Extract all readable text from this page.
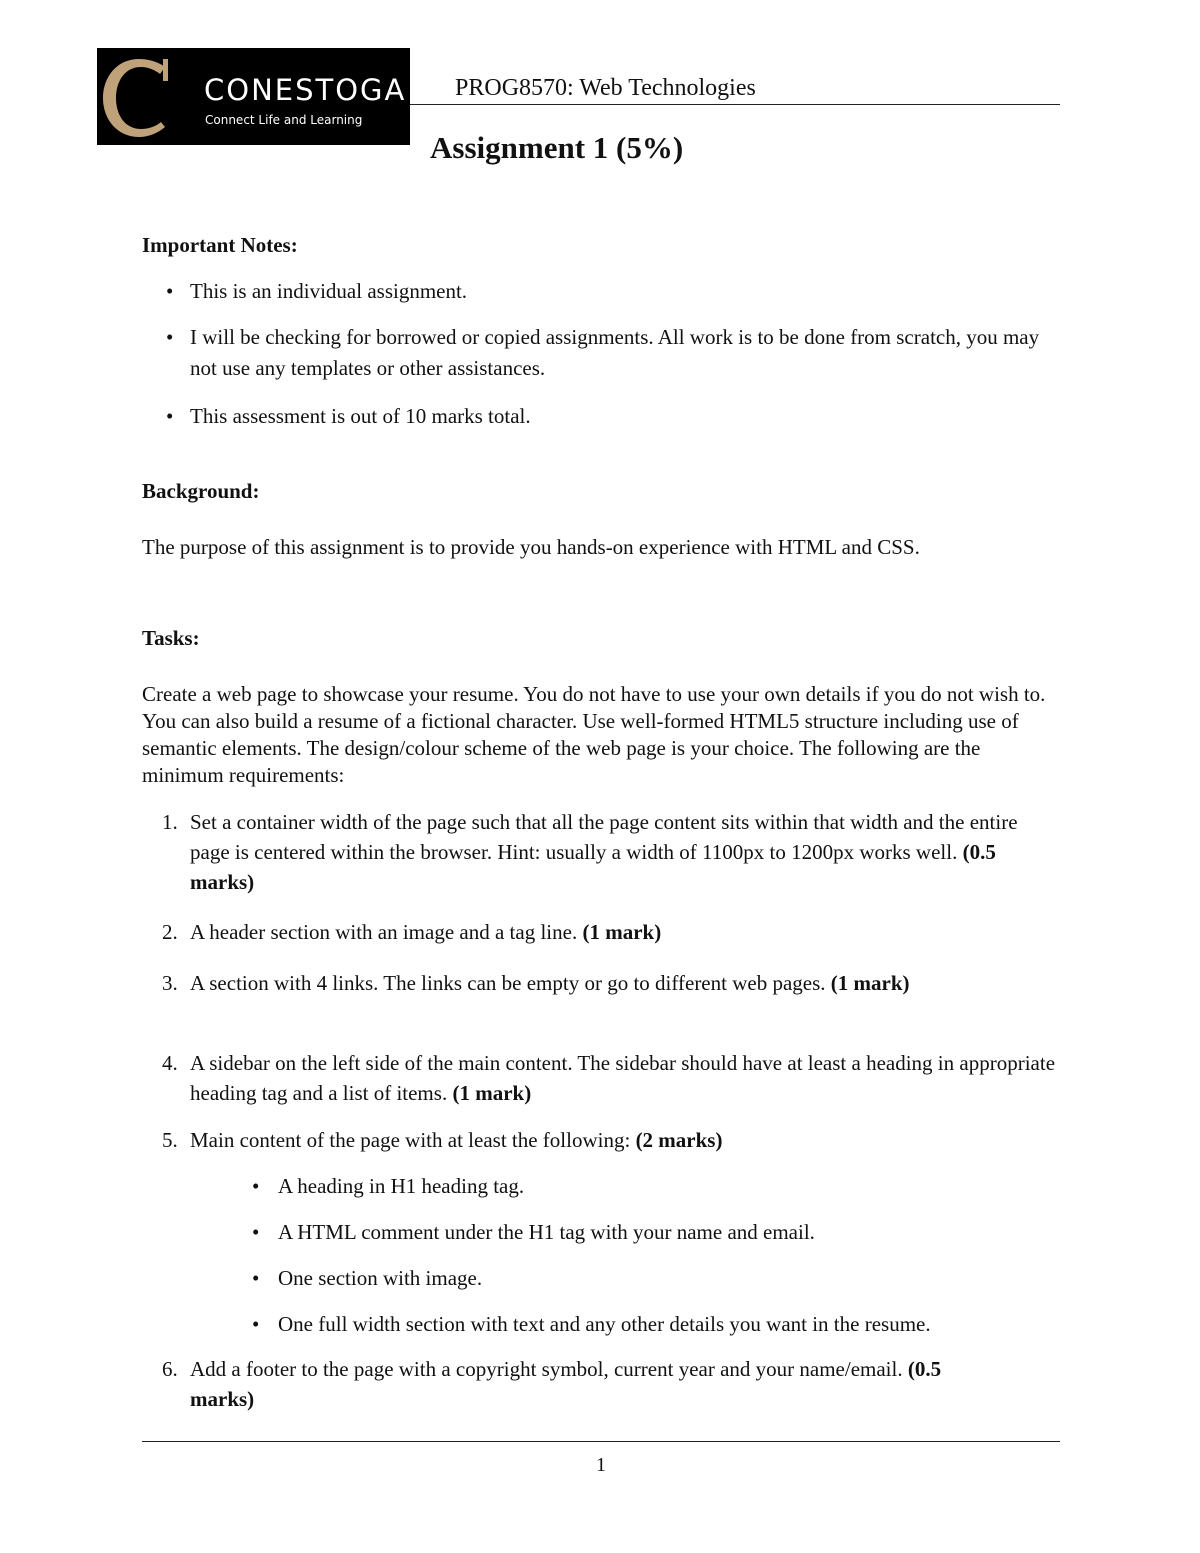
CONESTOGA
Connect Life and Learning
PROG8570: Web Technologies
Assignment 1 (5%)
Important Notes:
• This is an individual assignment.
• I will be checking for borrowed or copied assignments. All work is to be done from scratch, you may not use any templates or other assistances.
• This assessment is out of 10 marks total.
Background:
The purpose of this assignment is to provide you hands-on experience with HTML and CSS.
Tasks:
Create a web page to showcase your resume. You do not have to use your own details if you do not wish to. You can also build a resume of a fictional character. Use well-formed HTML5 structure including use of semantic elements. The design/colour scheme of the web page is your choice. The following are the minimum requirements:
1. Set a container width of the page such that all the page content sits within that width and the entire page is centered within the browser. Hint: usually a width of 1100px to 1200px works well. (0.5 marks)
2. A header section with an image and a tag line. (1 mark)
3. A section with 4 links. The links can be empty or go to different web pages. (1 mark)
4. A sidebar on the left side of the main content. The sidebar should have at least a heading in appropriate heading tag and a list of items. (1 mark)
5. Main content of the page with at least the following: (2 marks)
• A heading in H1 heading tag.
• A HTML comment under the H1 tag with your name and email.
• One section with image.
• One full width section with text and any other details you want in the resume.
6. Add a footer to the page with a copyright symbol, current year and your name/email. (0.5 marks)
1
